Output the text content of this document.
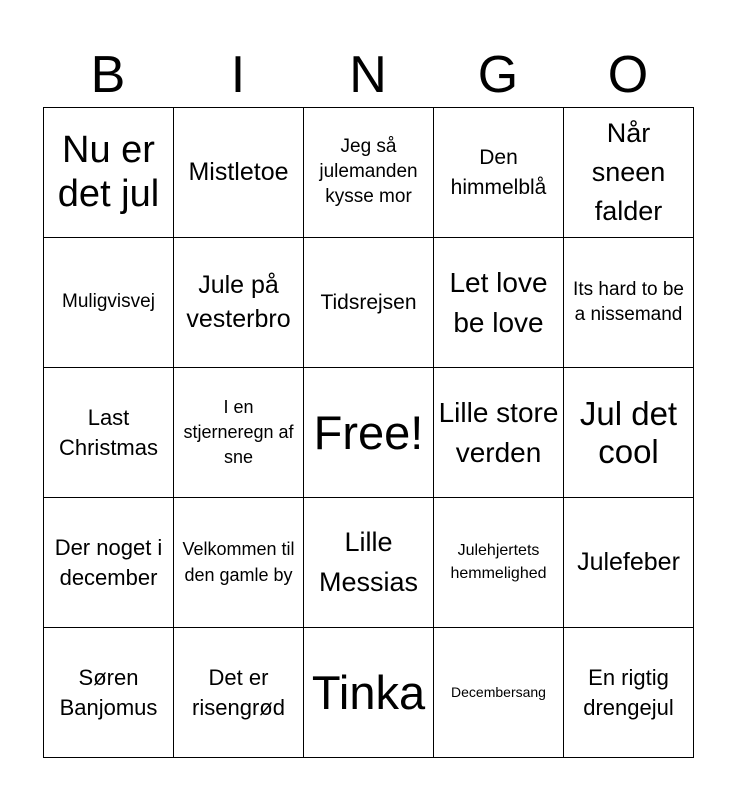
B	I	N	G	O
Nu er det jul	Mistletoe	Jeg så julemanden kysse mor	Den himmelblå	Når sneen falder
Muligvisvej	Jule på vesterbro	Tidsrejsen	Let love be love	Its hard to be a nissemand
Last Christmas	I en stjerneregn af sne	Free!	Lille store verden	Jul det cool
Der noget i december	Velkommen til den gamle by	Lille Messias	Julehjertets hemmelighed	Julefeber
Søren Banjomus	Det er risengrød	Tinka	Decembersang	En rigtig drengejul
